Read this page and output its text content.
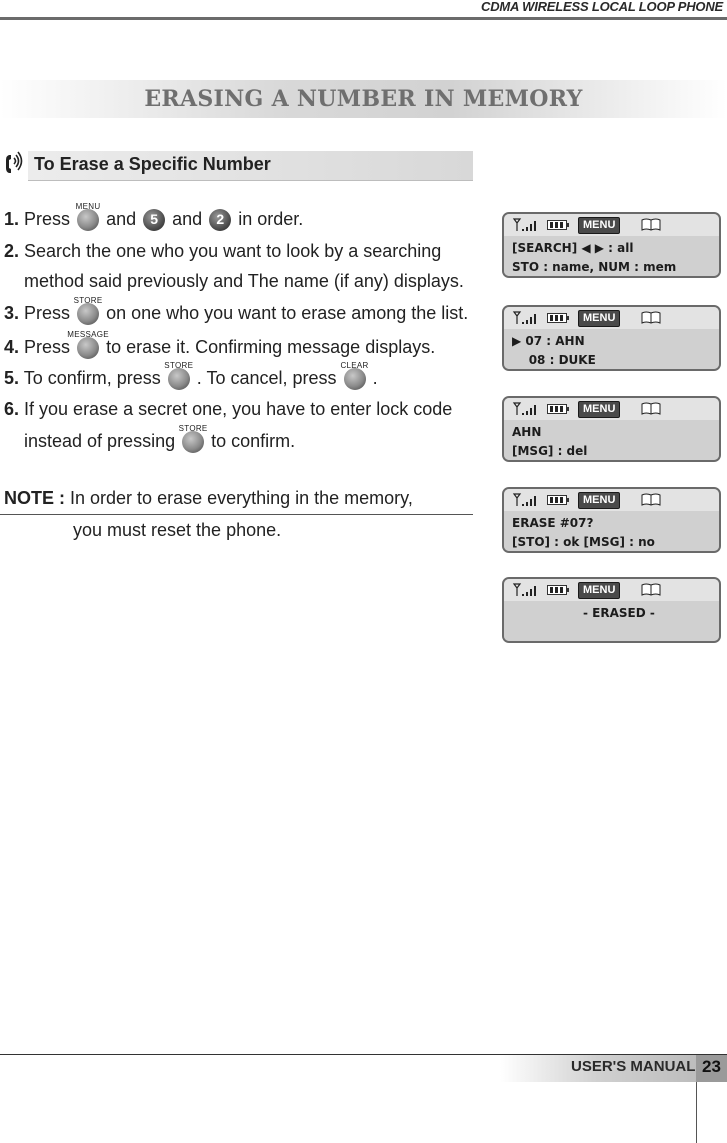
CDMA WIRELESS LOCAL LOOP PHONE
ERASING A NUMBER IN MEMORY
To Erase a Specific Number
1. Press
MENU
and	5 and	2 in order.
2. Search the one who you want to look by a searching
method said previously and The name (if any) displays.
3. Press
STORE
on one who you want to erase among the list.
4. Press
MESSAGE
to erase it. Confirming message displays.
5. To confirm, press
STORE
. To cancel, press
CLEAR
.
6. If you erase a secret one, you have to enter lock code
instead of pressing
STORE
to confirm.
NOTE : In order to erase everything in the memory,
you must reset the phone.
MENU
[SEARCH] ◀ ▶ : all
STO : name, NUM : mem
MENU
▶ 07 : AHN
08 : DUKE
MENU
AHN
[MSG] : del
MENU
ERASE #07?
[STO] : ok [MSG] : no
MENU
- ERASED -
USER'S MANUAL 23
